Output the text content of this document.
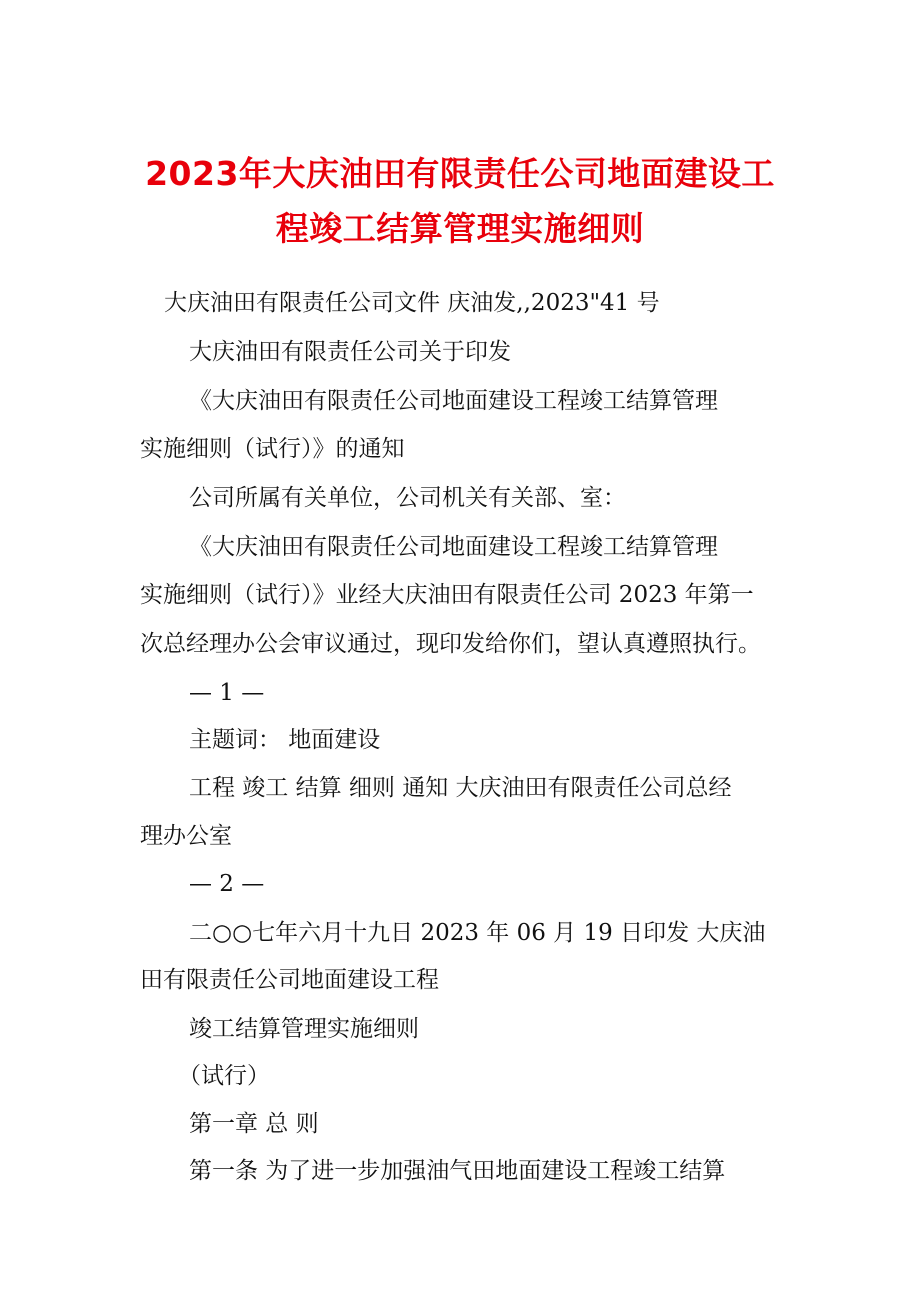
2023年大庆油田有限责任公司地面建设工
程竣工结算管理实施细则
大庆油田有限责任公司文件 庆油发,,2023"41 号
大庆油田有限责任公司关于印发
《大庆油田有限责任公司地面建设工程竣工结算管理
实施细则（试行）》的通知
公司所属有关单位，公司机关有关部、室：
《大庆油田有限责任公司地面建设工程竣工结算管理
实施细则（试行）》业经大庆油田有限责任公司 2023 年第一
次总经理办公会审议通过，现印发给你们，望认真遵照执行。
— 1 —
主题词： 地面建设
工程 竣工 结算 细则 通知 大庆油田有限责任公司总经
理办公室
— 2 —
二○○七年六月十九日 2023 年 06 月 19 日印发 大庆油
田有限责任公司地面建设工程
竣工结算管理实施细则
（试行）
第一章 总 则
第一条 为了进一步加强油气田地面建设工程竣工结算
